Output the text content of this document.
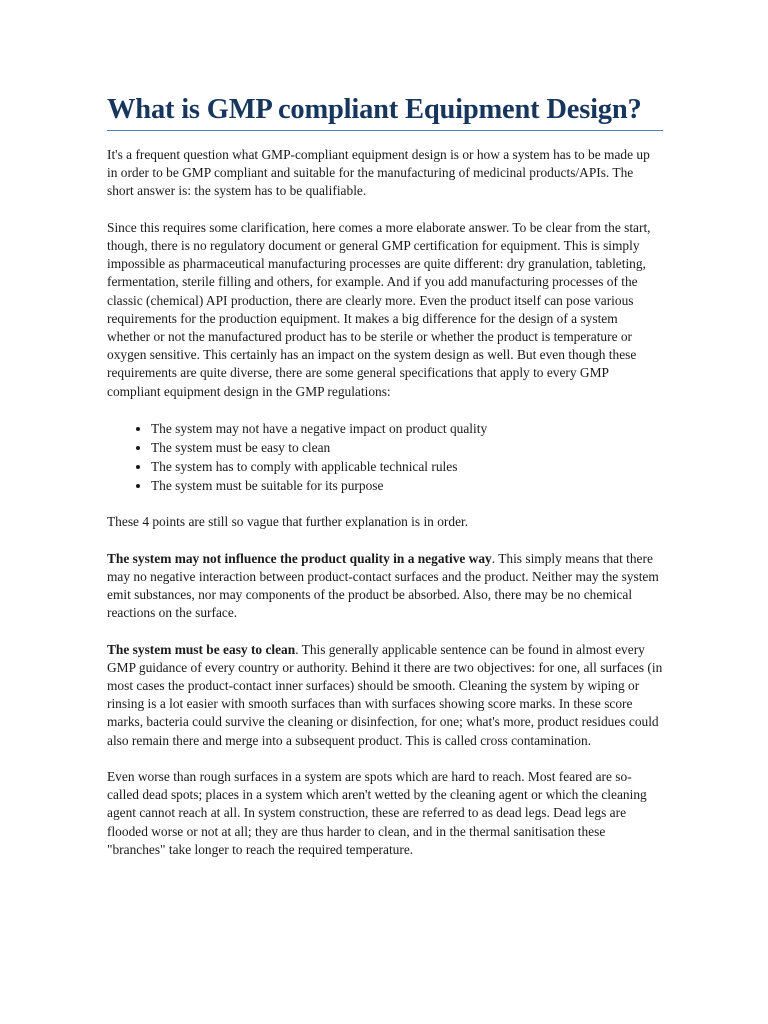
What is GMP compliant Equipment Design?

It's a frequent question what GMP-compliant equipment design is or how a system has to be made up in order to be GMP compliant and suitable for the manufacturing of medicinal products/APIs. The short answer is: the system has to be qualifiable.

Since this requires some clarification, here comes a more elaborate answer. To be clear from the start, though, there is no regulatory document or general GMP certification for equipment. This is simply impossible as pharmaceutical manufacturing processes are quite different: dry granulation, tableting, fermentation, sterile filling and others, for example. And if you add manufacturing processes of the classic (chemical) API production, there are clearly more. Even the product itself can pose various requirements for the production equipment. It makes a big difference for the design of a system whether or not the manufactured product has to be sterile or whether the product is temperature or oxygen sensitive. This certainly has an impact on the system design as well. But even though these requirements are quite diverse, there are some general specifications that apply to every GMP compliant equipment design in the GMP regulations:

• The system may not have a negative impact on product quality
• The system must be easy to clean
• The system has to comply with applicable technical rules
• The system must be suitable for its purpose

These 4 points are still so vague that further explanation is in order.

The system may not influence the product quality in a negative way. This simply means that there may no negative interaction between product-contact surfaces and the product. Neither may the system emit substances, nor may components of the product be absorbed. Also, there may be no chemical reactions on the surface.

The system must be easy to clean. This generally applicable sentence can be found in almost every GMP guidance of every country or authority. Behind it there are two objectives: for one, all surfaces (in most cases the product-contact inner surfaces) should be smooth. Cleaning the system by wiping or rinsing is a lot easier with smooth surfaces than with surfaces showing score marks. In these score marks, bacteria could survive the cleaning or disinfection, for one; what's more, product residues could also remain there and merge into a subsequent product. This is called cross contamination.

Even worse than rough surfaces in a system are spots which are hard to reach. Most feared are so-called dead spots; places in a system which aren't wetted by the cleaning agent or which the cleaning agent cannot reach at all. In system construction, these are referred to as dead legs. Dead legs are flooded worse or not at all; they are thus harder to clean, and in the thermal sanitisation these "branches" take longer to reach the required temperature.
